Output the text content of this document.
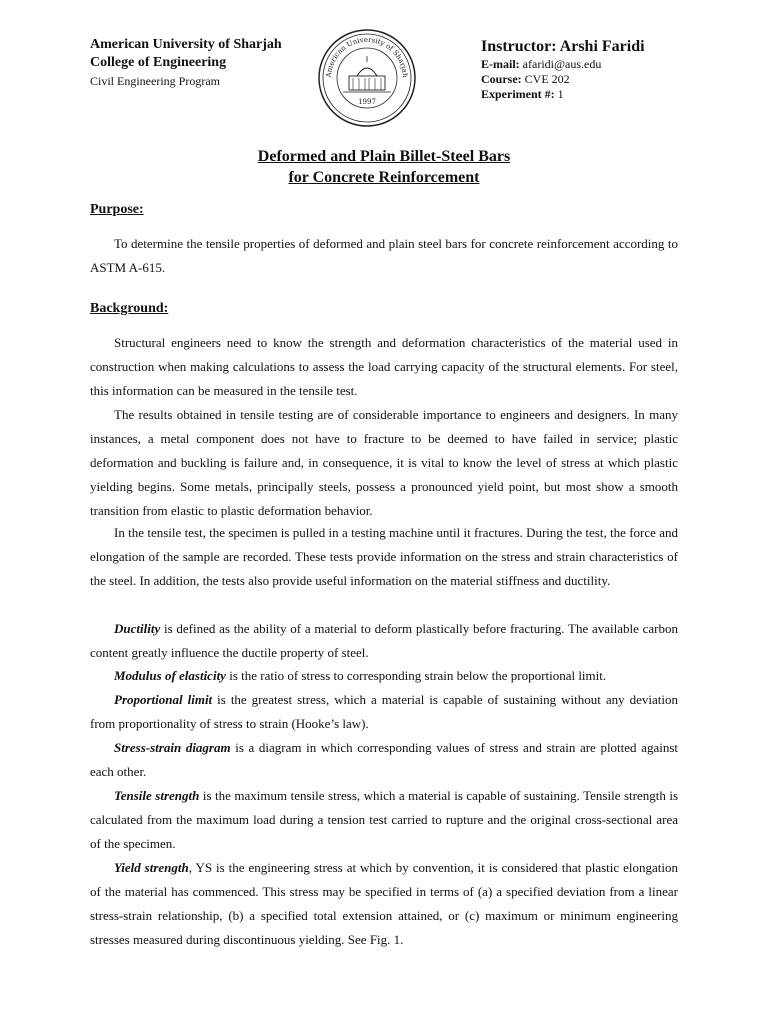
American University of Sharjah
College of Engineering
Civil Engineering Program	American University of Sharjah
1997
Instructor: Arshi Faridi
E-mail: afaridi@aus.edu
Course: CVE 202
Experiment #: 1
Deformed and Plain Billet-Steel Bars
for Concrete Reinforcement
Purpose:
To determine the tensile properties of deformed and plain steel bars for concrete reinforcement according to ASTM A-615.
Background:
Structural engineers need to know the strength and deformation characteristics of the material used in construction when making calculations to assess the load carrying capacity of the structural elements. For steel, this information can be measured in the tensile test.
The results obtained in tensile testing are of considerable importance to engineers and designers. In many instances, a metal component does not have to fracture to be deemed to have failed in service; plastic deformation and buckling is failure and, in consequence, it is vital to know the level of stress at which plastic yielding begins. Some metals, principally steels, possess a pronounced yield point, but most show a smooth transition from elastic to plastic deformation behavior.
In the tensile test, the specimen is pulled in a testing machine until it fractures. During the test, the force and elongation of the sample are recorded. These tests provide information on the stress and strain characteristics of the steel. In addition, the tests also provide useful information on the material stiffness and ductility.
Ductility is defined as the ability of a material to deform plastically before fracturing. The available carbon content greatly influence the ductile property of steel.
Modulus of elasticity is the ratio of stress to corresponding strain below the proportional limit.
Proportional limit is the greatest stress, which a material is capable of sustaining without any deviation from proportionality of stress to strain (Hooke’s law).
Stress-strain diagram is a diagram in which corresponding values of stress and strain are plotted against each other.
Tensile strength is the maximum tensile stress, which a material is capable of sustaining. Tensile strength is calculated from the maximum load during a tension test carried to rupture and the original cross-sectional area of the specimen.
Yield strength, YS is the engineering stress at which by convention, it is considered that plastic elongation of the material has commenced. This stress may be specified in terms of (a) a specified deviation from a linear stress-strain relationship, (b) a specified total extension attained, or (c) maximum or minimum engineering stresses measured during discontinuous yielding. See Fig. 1.
